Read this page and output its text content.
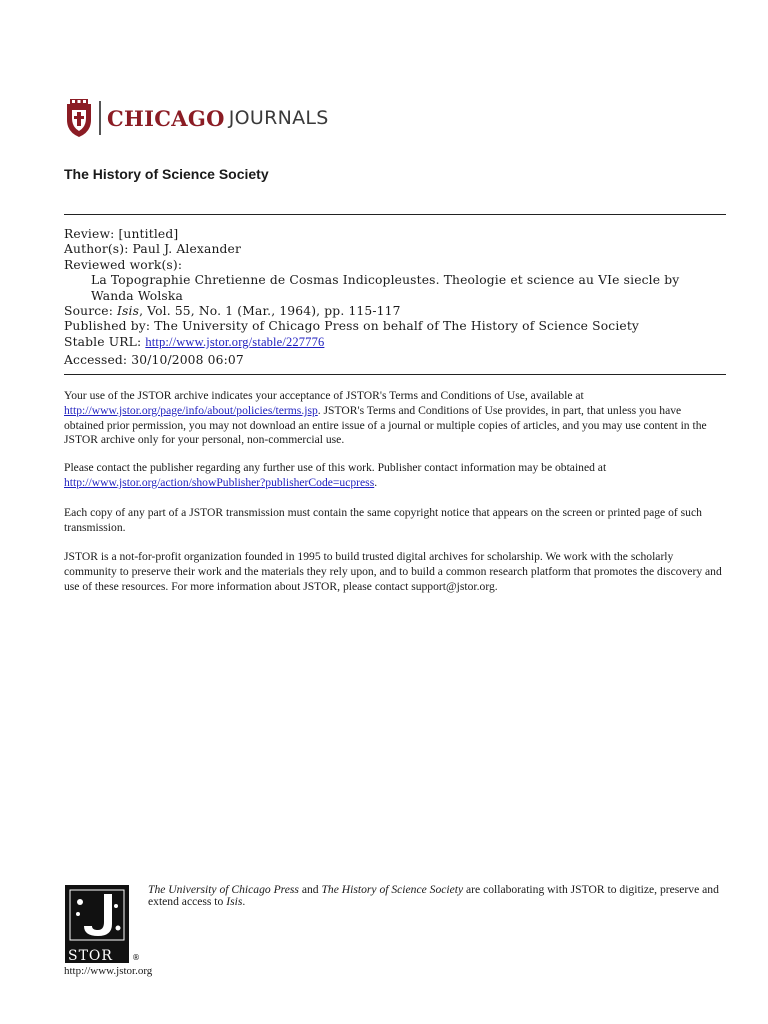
CHICAGO JOURNALS
The History of Science Society
Review: [untitled]
Author(s): Paul J. Alexander
Reviewed work(s):
La Topographie Chretienne de Cosmas Indicopleustes. Theologie et science au VIe siecle by Wanda Wolska
Source: Isis, Vol. 55, No. 1 (Mar., 1964), pp. 115-117
Published by: The University of Chicago Press on behalf of The History of Science Society
Stable URL: http://www.jstor.org/stable/227776
Accessed: 30/10/2008 06:07
Your use of the JSTOR archive indicates your acceptance of JSTOR's Terms and Conditions of Use, available at http://www.jstor.org/page/info/about/policies/terms.jsp. JSTOR's Terms and Conditions of Use provides, in part, that unless you have obtained prior permission, you may not download an entire issue of a journal or multiple copies of articles, and you may use content in the JSTOR archive only for your personal, non-commercial use.
Please contact the publisher regarding any further use of this work. Publisher contact information may be obtained at http://www.jstor.org/action/showPublisher?publisherCode=ucpress.
Each copy of any part of a JSTOR transmission must contain the same copyright notice that appears on the screen or printed page of such transmission.
JSTOR is a not-for-profit organization founded in 1995 to build trusted digital archives for scholarship. We work with the scholarly community to preserve their work and the materials they rely upon, and to build a common research platform that promotes the discovery and use of these resources. For more information about JSTOR, please contact support@jstor.org.
STOR ®
http://www.jstor.org
The University of Chicago Press and The History of Science Society are collaborating with JSTOR to digitize, preserve and extend access to Isis.
